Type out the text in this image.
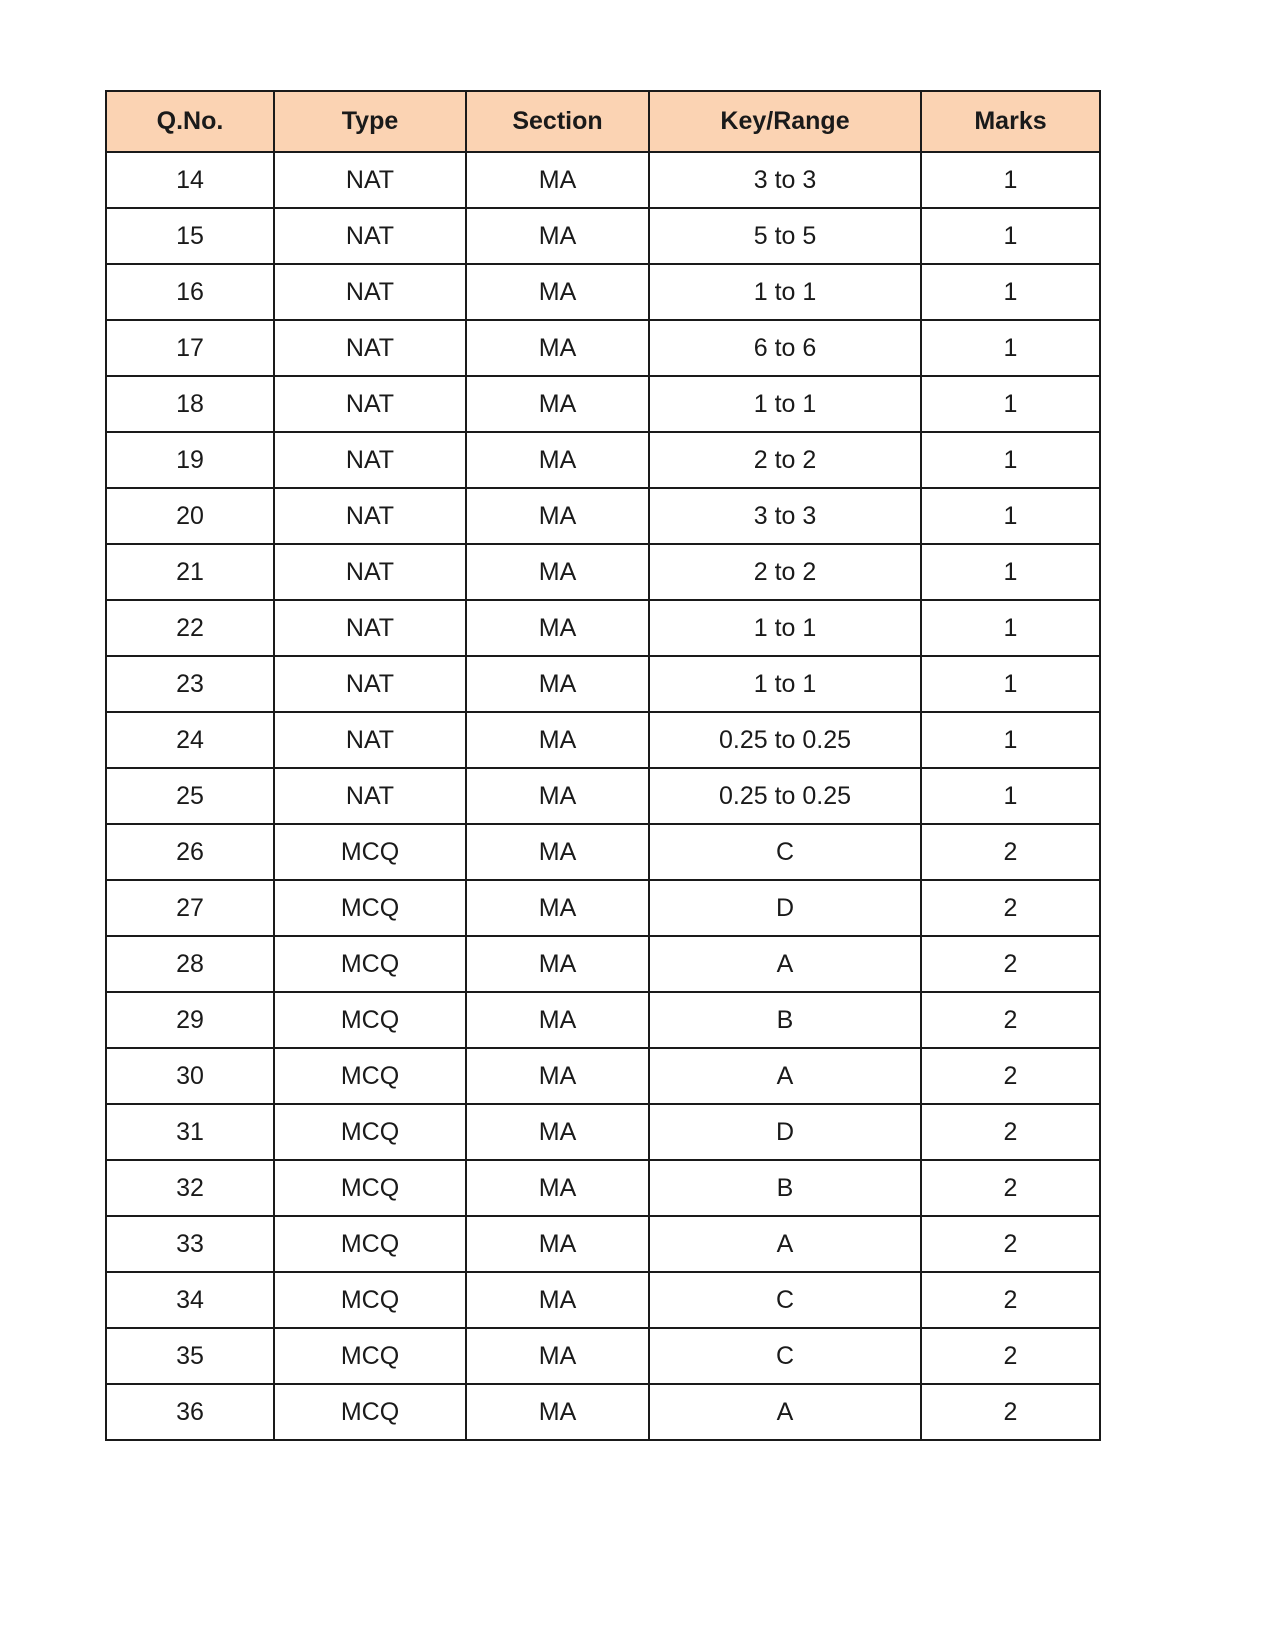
Q.No.	Type	Section	Key/Range	Marks
14	NAT	MA	3 to 3	1
15	NAT	MA	5 to 5	1
16	NAT	MA	1 to 1	1
17	NAT	MA	6 to 6	1
18	NAT	MA	1 to 1	1
19	NAT	MA	2 to 2	1
20	NAT	MA	3 to 3	1
21	NAT	MA	2 to 2	1
22	NAT	MA	1 to 1	1
23	NAT	MA	1 to 1	1
24	NAT	MA	0.25 to 0.25	1
25	NAT	MA	0.25 to 0.25	1
26	MCQ	MA	C	2
27	MCQ	MA	D	2
28	MCQ	MA	A	2
29	MCQ	MA	B	2
30	MCQ	MA	A	2
31	MCQ	MA	D	2
32	MCQ	MA	B	2
33	MCQ	MA	A	2
34	MCQ	MA	C	2
35	MCQ	MA	C	2
36	MCQ	MA	A	2
